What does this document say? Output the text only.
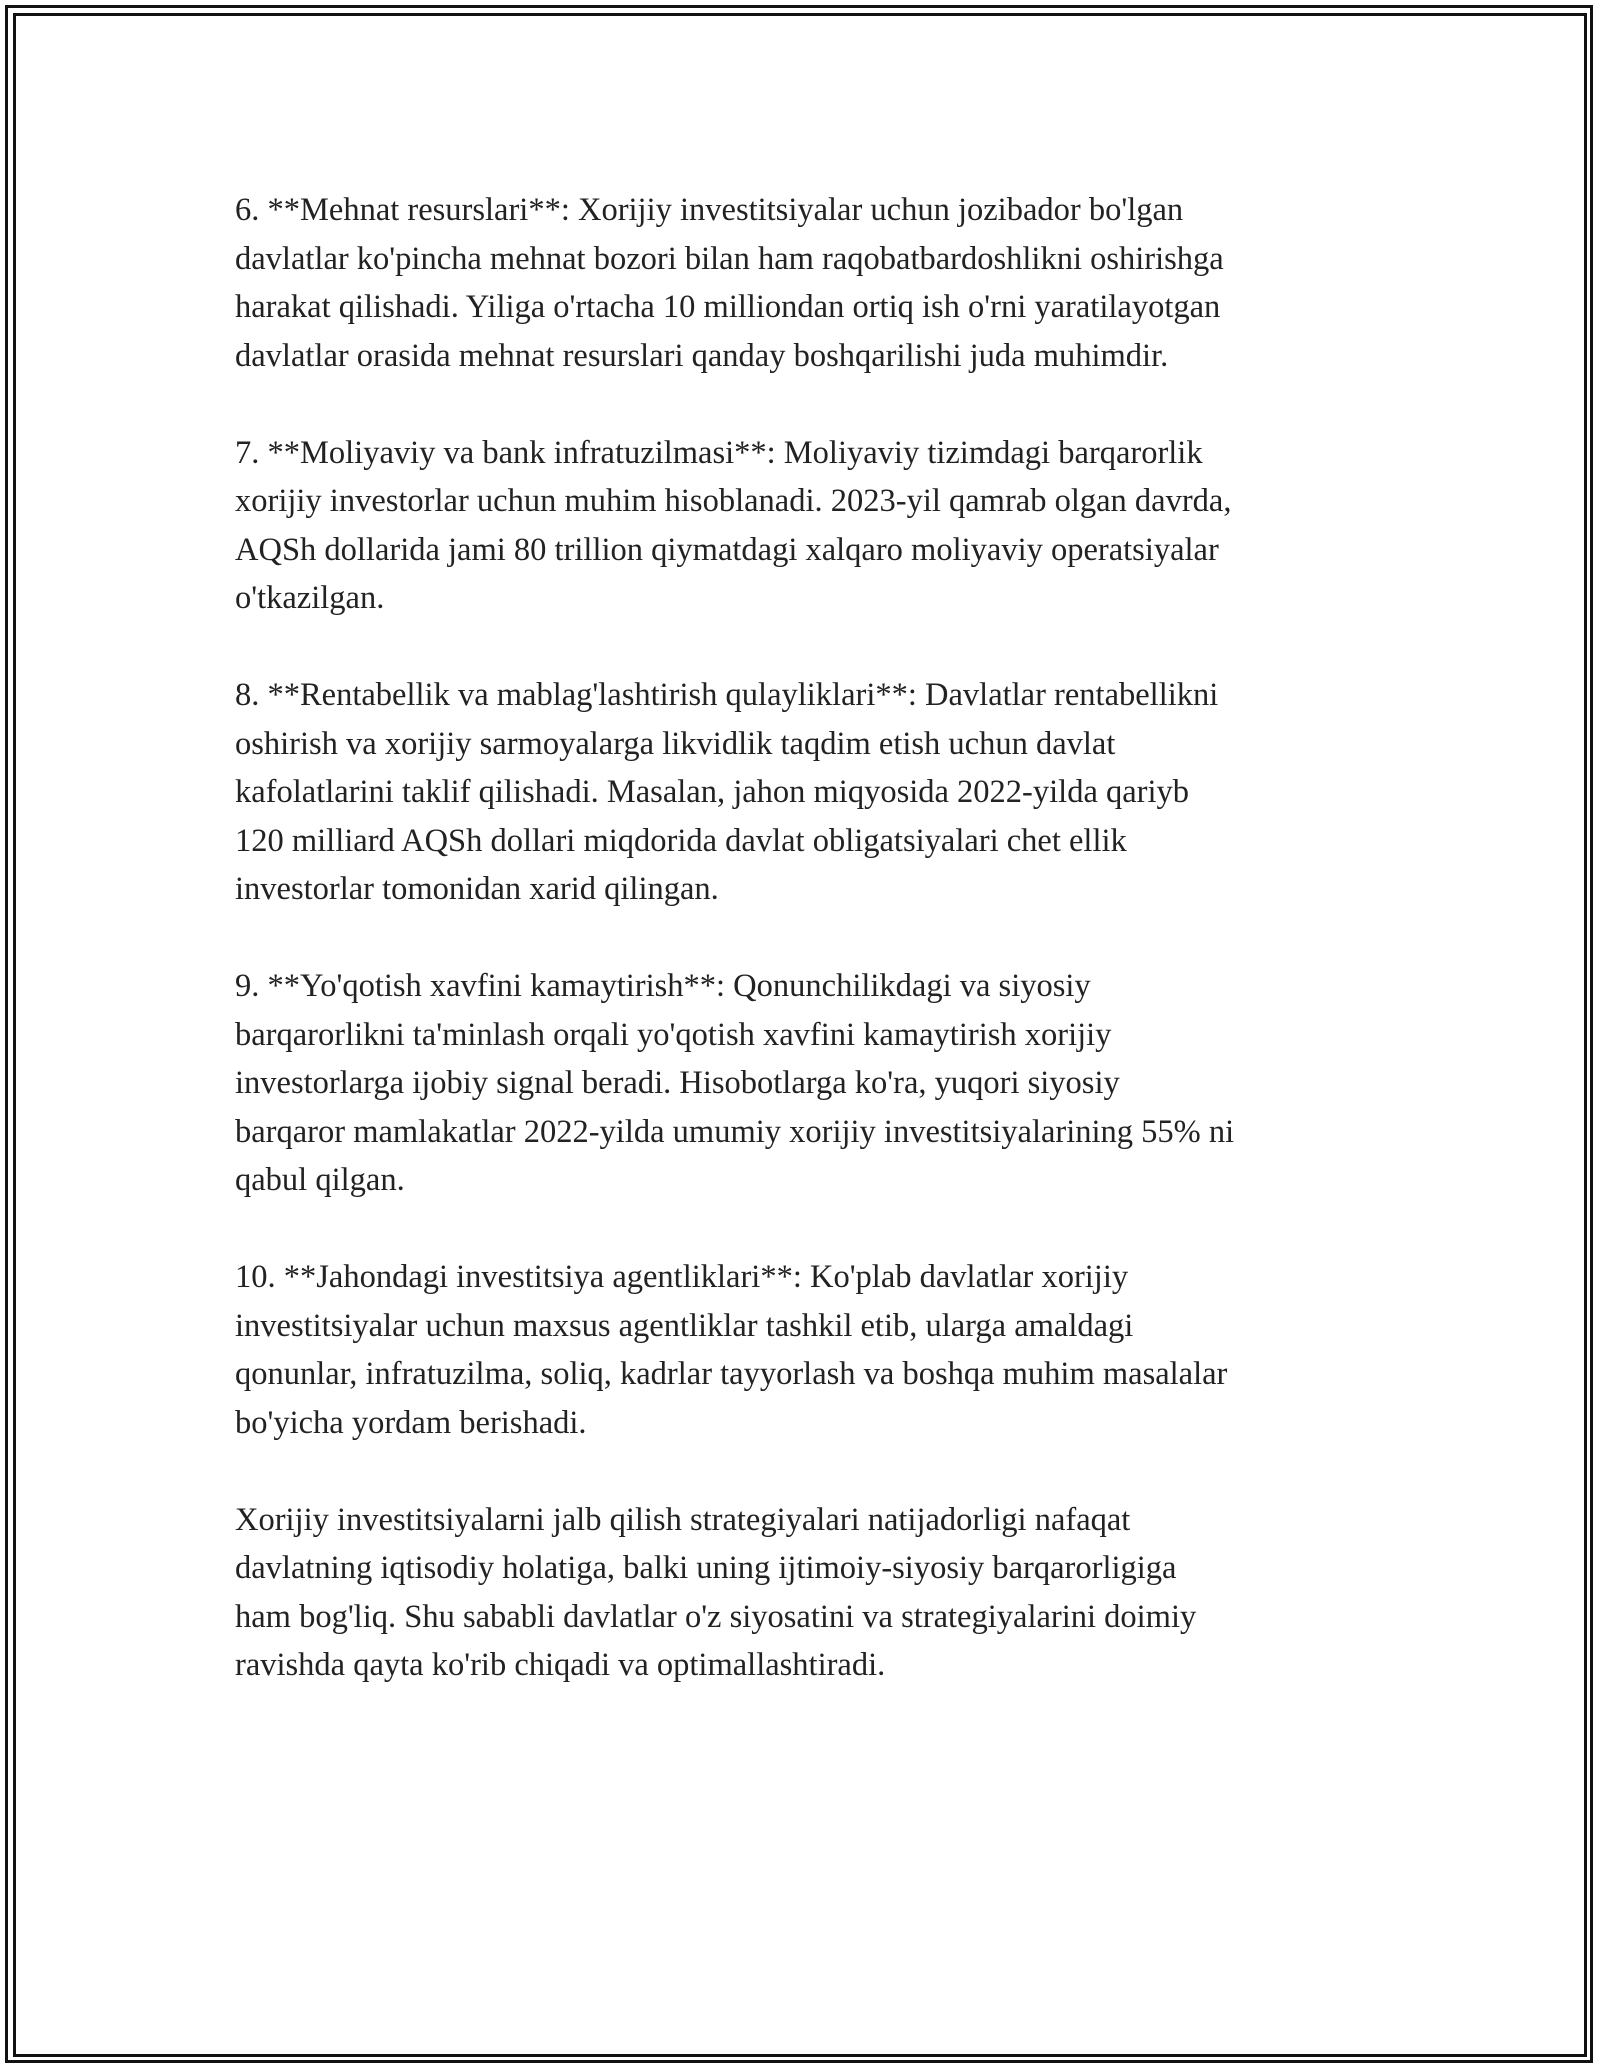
6. **Mehnat resurslari**: Xorijiy investitsiyalar uchun jozibador bo'lgan
davlatlar ko'pincha mehnat bozori bilan ham raqobatbardoshlikni oshirishga
harakat qilishadi. Yiliga o'rtacha 10 milliondan ortiq ish o'rni yaratilayotgan
davlatlar orasida mehnat resurslari qanday boshqarilishi juda muhimdir.

7. **Moliyaviy va bank infratuzilmasi**: Moliyaviy tizimdagi barqarorlik
xorijiy investorlar uchun muhim hisoblanadi. 2023-yil qamrab olgan davrda,
AQSh dollarida jami 80 trillion qiymatdagi xalqaro moliyaviy operatsiyalar
o'tkazilgan.

8. **Rentabellik va mablag'lashtirish qulayliklari**: Davlatlar rentabellikni
oshirish va xorijiy sarmoyalarga likvidlik taqdim etish uchun davlat
kafolatlarini taklif qilishadi. Masalan, jahon miqyosida 2022-yilda qariyb
120 milliard AQSh dollari miqdorida davlat obligatsiyalari chet ellik
investorlar tomonidan xarid qilingan.

9. **Yo'qotish xavfini kamaytirish**: Qonunchilikdagi va siyosiy
barqarorlikni ta'minlash orqali yo'qotish xavfini kamaytirish xorijiy
investorlarga ijobiy signal beradi. Hisobotlarga ko'ra, yuqori siyosiy
barqaror mamlakatlar 2022-yilda umumiy xorijiy investitsiyalarining 55% ni
qabul qilgan.

10. **Jahondagi investitsiya agentliklari**: Ko'plab davlatlar xorijiy
investitsiyalar uchun maxsus agentliklar tashkil etib, ularga amaldagi
qonunlar, infratuzilma, soliq, kadrlar tayyorlash va boshqa muhim masalalar
bo'yicha yordam berishadi.

Xorijiy investitsiyalarni jalb qilish strategiyalari natijadorligi nafaqat
davlatning iqtisodiy holatiga, balki uning ijtimoiy-siyosiy barqarorligiga
ham bog'liq. Shu sababli davlatlar o'z siyosatini va strategiyalarini doimiy
ravishda qayta ko'rib chiqadi va optimallashtiradi.
